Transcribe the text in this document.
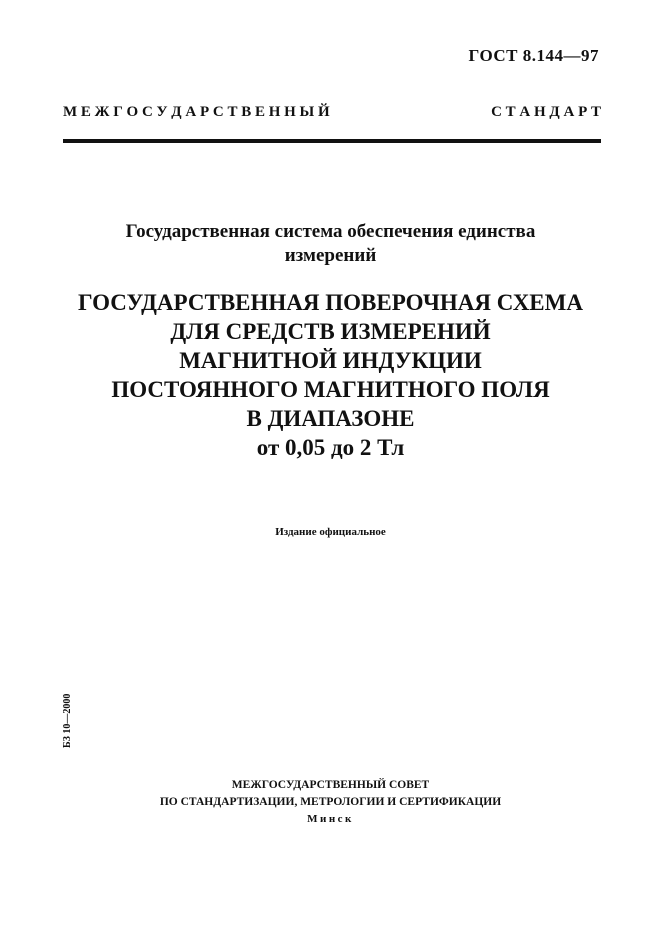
ГОСТ 8.144—97
М Е Ж Г О С У Д А Р С Т В Е Н Н Ы Й	С Т А Н Д А Р Т
Государственная система обеспечения единства
измерений
ГОСУДАРСТВЕННАЯ ПОВЕРОЧНАЯ СХЕМА
ДЛЯ СРЕДСТВ ИЗМЕРЕНИЙ
МАГНИТНОЙ ИНДУКЦИИ
ПОСТОЯННОГО МАГНИТНОГО ПОЛЯ
В ДИАПАЗОНЕ
от 0,05 до 2 Тл
Издание официальное
БЗ 10—2000
МЕЖГОСУДАРСТВЕННЫЙ СОВЕТ
ПО СТАНДАРТИЗАЦИИ, МЕТРОЛОГИИ И СЕРТИФИКАЦИИ
Минск
